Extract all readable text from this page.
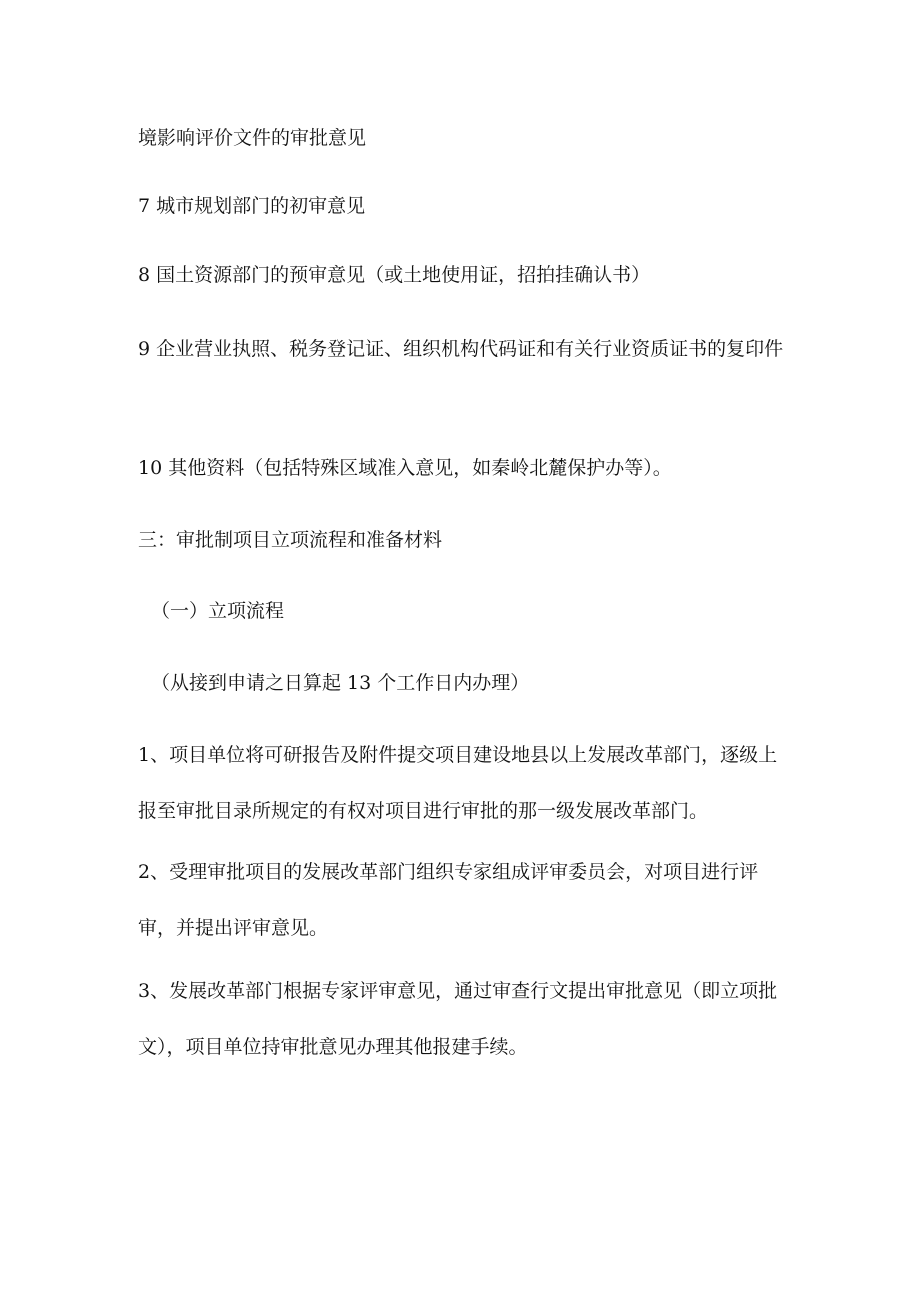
境影响评价文件的审批意见

7 城市规划部门的初审意见

8 国土资源部门的预审意见（或土地使用证，招拍挂确认书）

9 企业营业执照、税务登记证、组织机构代码证和有关行业资质证书的复印件

10 其他资料（包括特殊区域准入意见，如秦岭北麓保护办等）。

三：审批制项目立项流程和准备材料

（一）立项流程

（从接到申请之日算起 13 个工作日内办理）

1、项目单位将可研报告及附件提交项目建设地县以上发展改革部门，逐级上报至审批目录所规定的有权对项目进行审批的那一级发展改革部门。

2、受理审批项目的发展改革部门组织专家组成评审委员会，对项目进行评审，并提出评审意见。

3、发展改革部门根据专家评审意见，通过审查行文提出审批意见（即立项批文），项目单位持审批意见办理其他报建手续。
